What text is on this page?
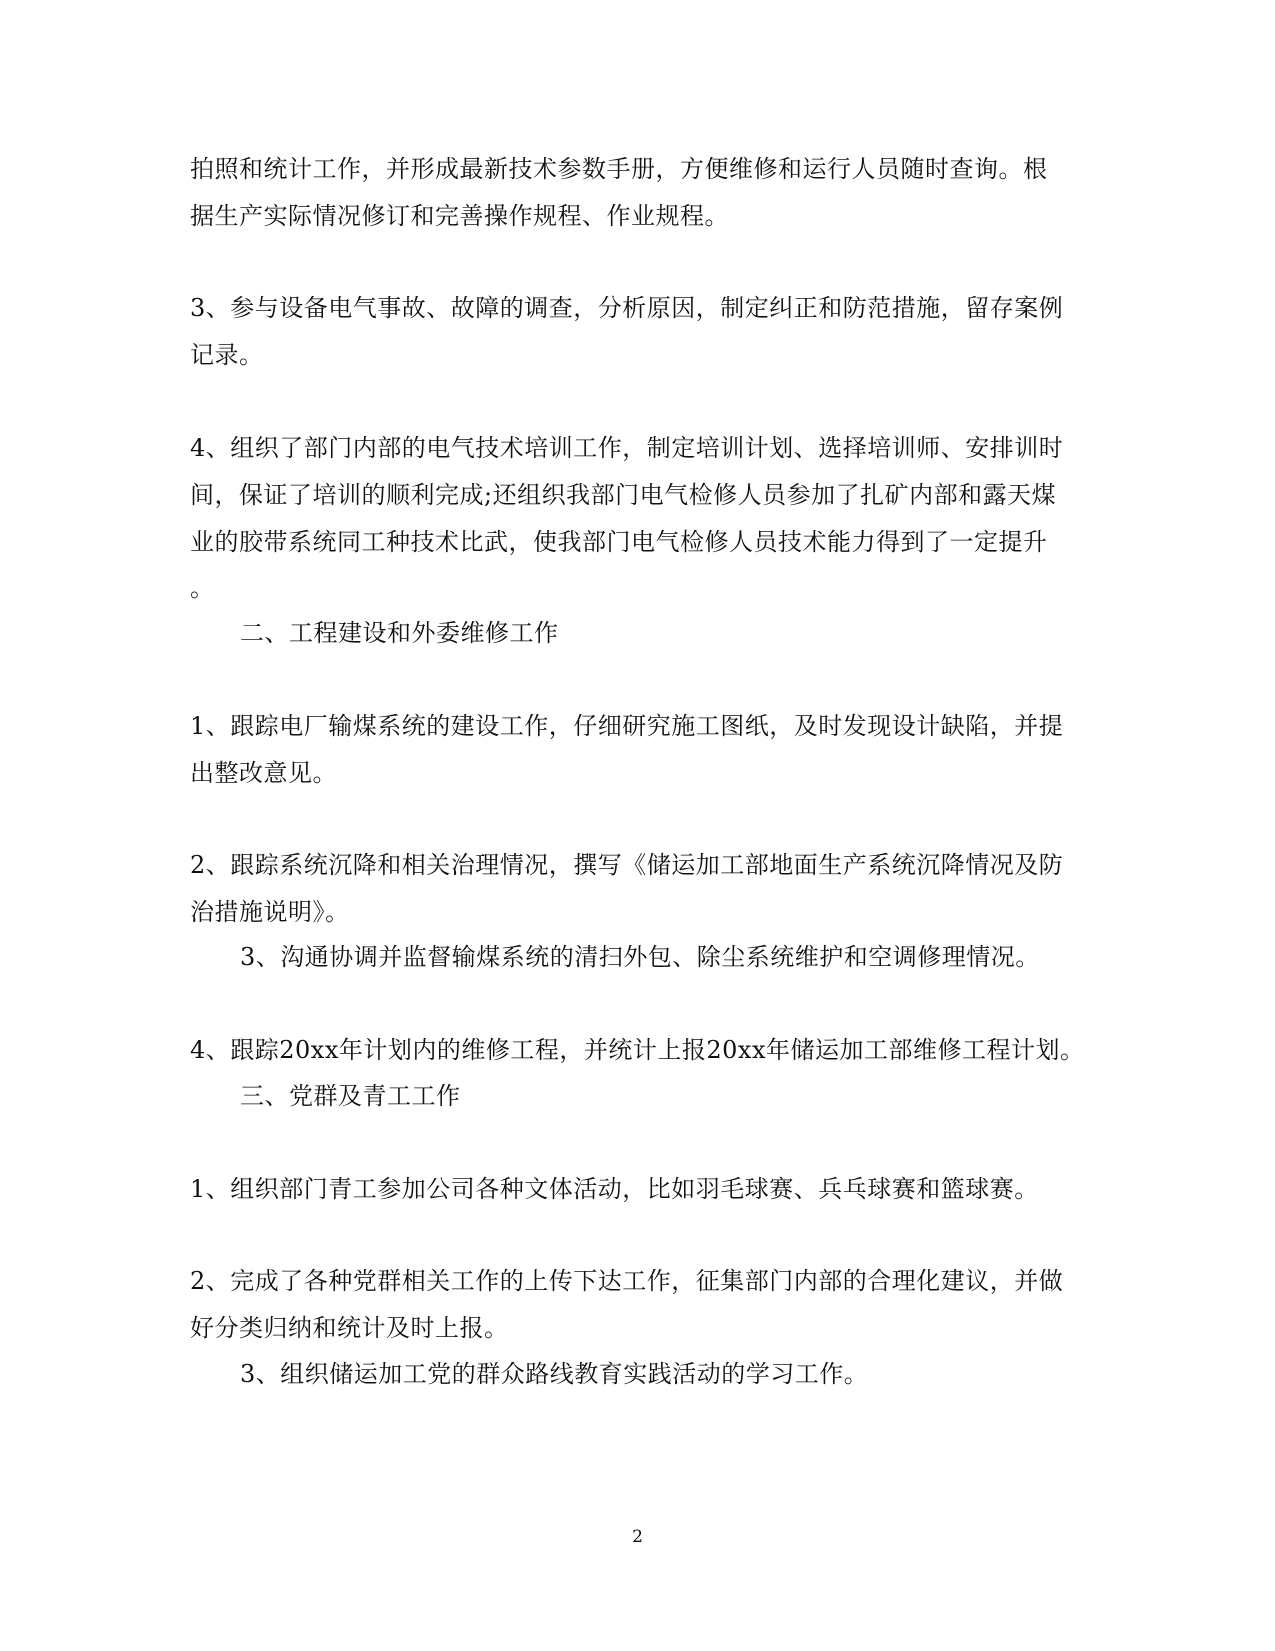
拍照和统计工作，并形成最新技术参数手册，方便维修和运行人员随时查询。根
据生产实际情况修订和完善操作规程、作业规程。
3、参与设备电气事故、故障的调查，分析原因，制定纠正和防范措施，留存案例
记录。
4、组织了部门内部的电气技术培训工作，制定培训计划、选择培训师、安排训时
间，保证了培训的顺利完成;还组织我部门电气检修人员参加了扎矿内部和露天煤
业的胶带系统同工种技术比武，使我部门电气检修人员技术能力得到了一定提升
。
二、工程建设和外委维修工作
1、跟踪电厂输煤系统的建设工作，仔细研究施工图纸，及时发现设计缺陷，并提
出整改意见。
2、跟踪系统沉降和相关治理情况，撰写《储运加工部地面生产系统沉降情况及防
治措施说明》。
3、沟通协调并监督输煤系统的清扫外包、除尘系统维护和空调修理情况。
4、跟踪20xx年计划内的维修工程，并统计上报20xx年储运加工部维修工程计划。
三、党群及青工工作
1、组织部门青工参加公司各种文体活动，比如羽毛球赛、兵乓球赛和篮球赛。
2、完成了各种党群相关工作的上传下达工作，征集部门内部的合理化建议，并做
好分类归纳和统计及时上报。
3、组织储运加工党的群众路线教育实践活动的学习工作。
2
